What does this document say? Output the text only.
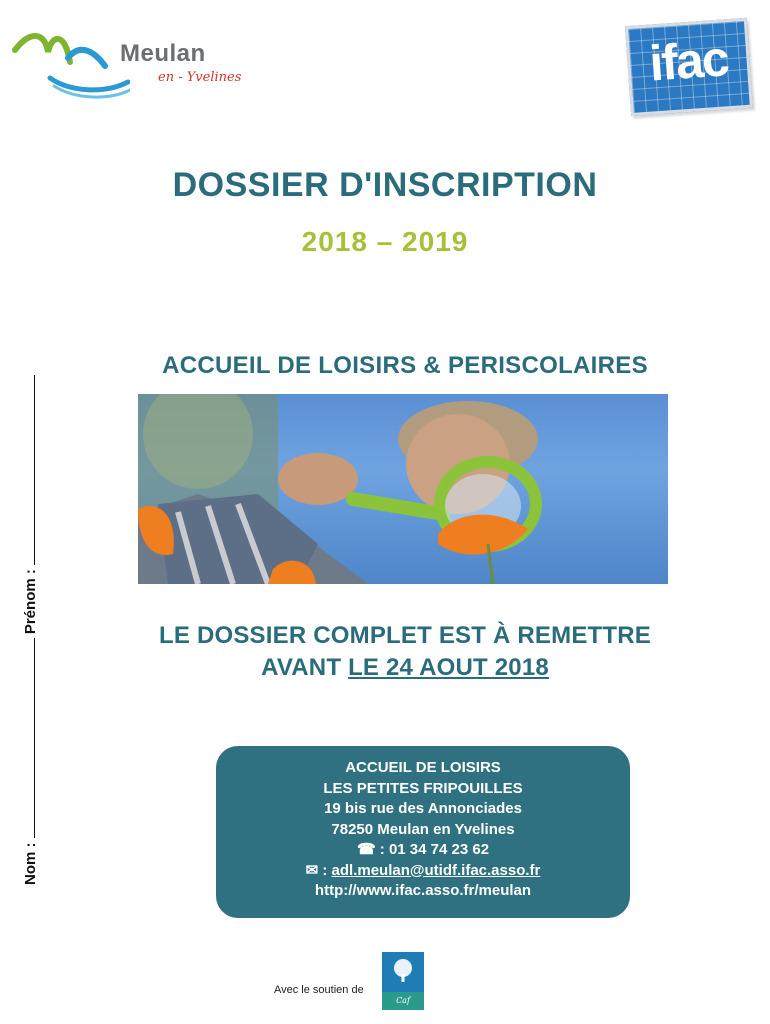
Meulan
en - Yvelines	ifac
DOSSIER D'INSCRIPTION
2018 – 2019
ACCUEIL DE LOISIRS & PERISCOLAIRES
LE DOSSIER COMPLET EST À REMETTRE
AVANT LE 24 AOUT 2018
Nom :  Prénom :
ACCUEIL DE LOISIRS
LES PETITES FRIPOUILLES
19 bis rue des Annonciades
78250 Meulan en Yvelines
☎ : 01 34 74 23 62
✉ : adl.meulan@utidf.ifac.asso.fr
http://www.ifac.asso.fr/meulan
Avec le soutien de
Caf
